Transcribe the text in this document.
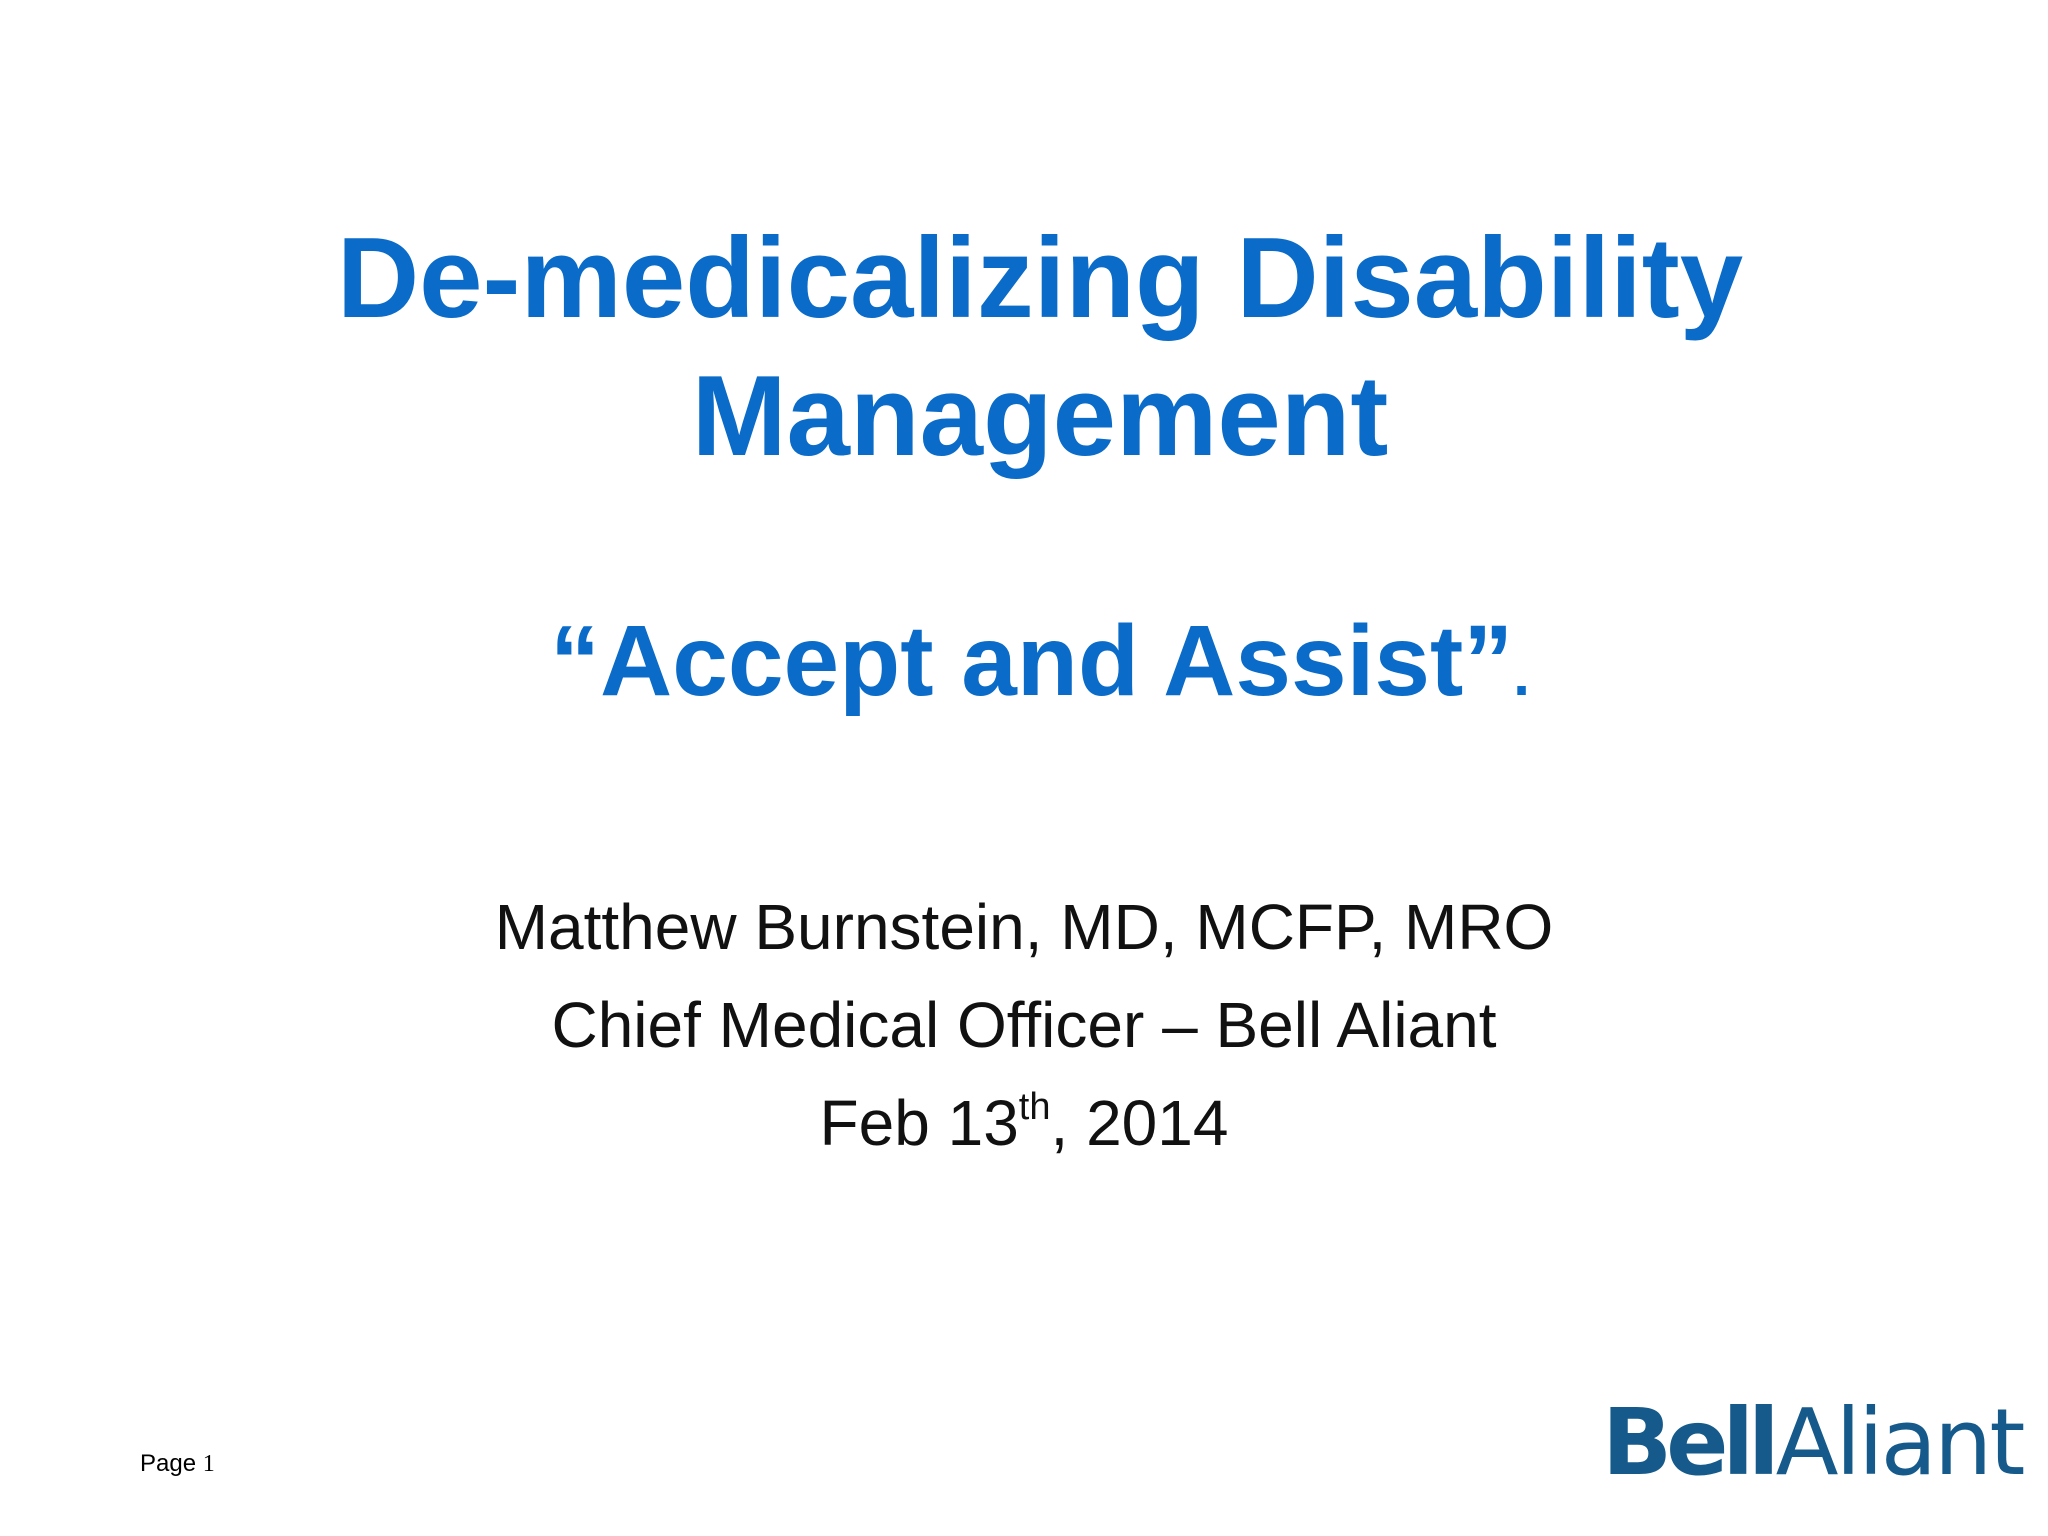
De-medicalizing Disability
Management
“Accept and Assist”.
Matthew Burnstein, MD, MCFP, MRO
Chief Medical Officer – Bell Aliant
Feb 13th, 2014
Page 1	BellAliant
